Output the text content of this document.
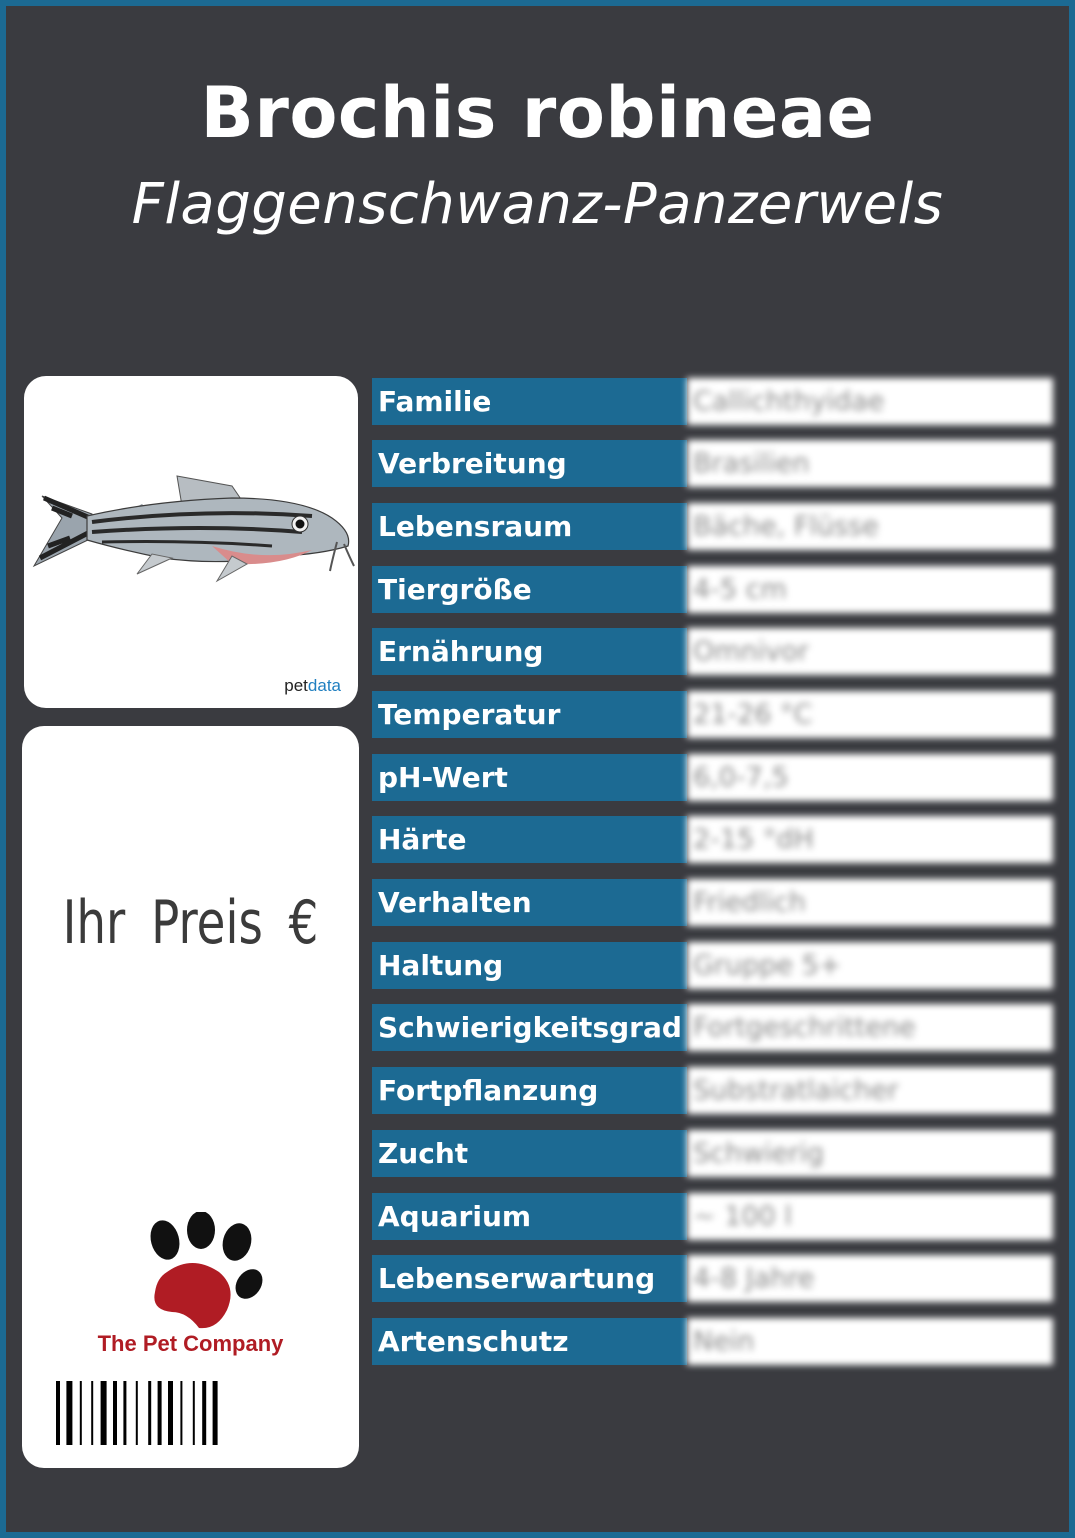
Brochis robineae
Flaggenschwanz-Panzerwels
petdata
Ihr Preis €
The Pet Company
Familie	Callichthyidae
Verbreitung	Brasilien
Lebensraum	Bäche, Flüsse
Tiergröße	4-5 cm
Ernährung	Omnivor
Temperatur	21-26 °C
pH-Wert	6,0-7,5
Härte	2-15 °dH
Verhalten	Friedlich
Haltung	Gruppe 5+
Schwierigkeitsgrad Fortgeschrittene
Fortpflanzung	Substratlaicher
Zucht	Schwierig
Aquarium	~ 100 l
Lebenserwartung	4-8 Jahre
Artenschutz	Nein
